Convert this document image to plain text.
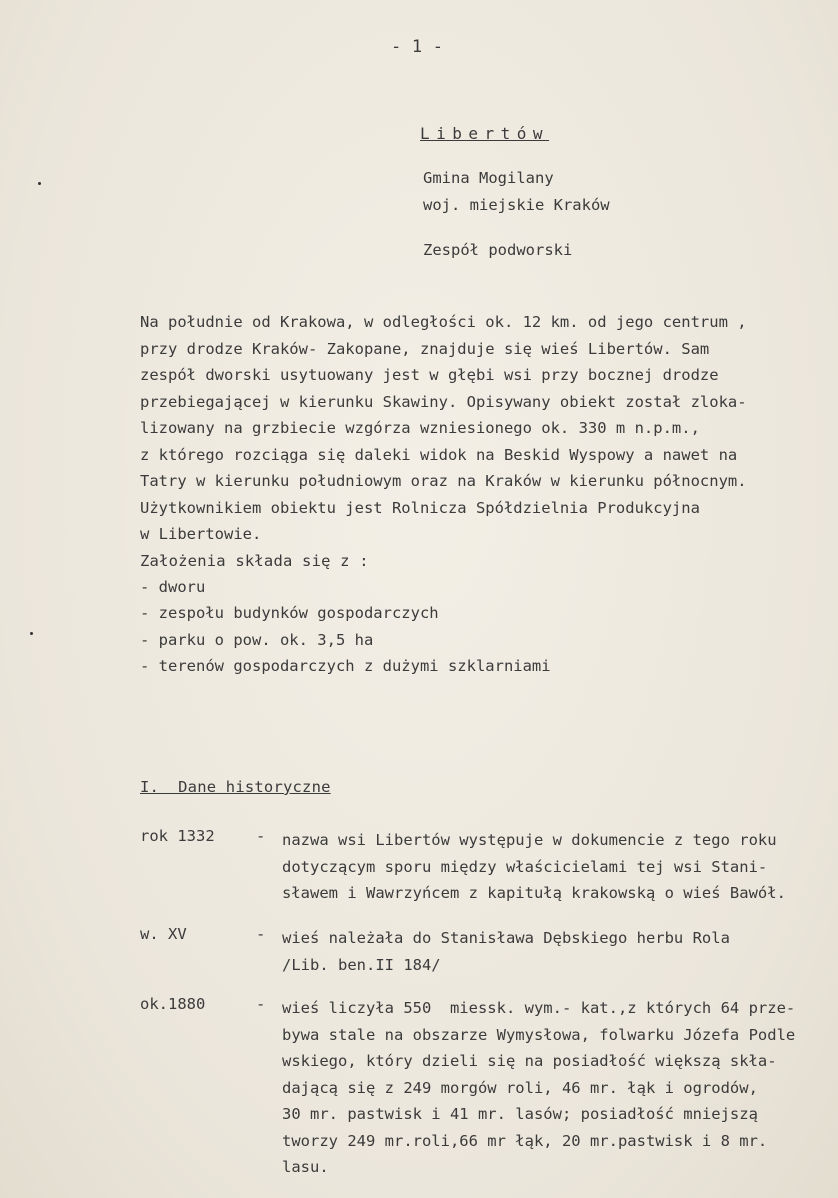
- 1 -
Libertów
Gmina Mogilany
woj. miejskie Kraków
Zespół podworski
Na południe od Krakowa, w odległości ok. 12 km. od jego centrum ,
przy drodze Kraków- Zakopane, znajduje się wieś Libertów. Sam
zespół dworski usytuowany jest w głębi wsi przy bocznej drodze
przebiegającej w kierunku Skawiny. Opisywany obiekt został zloka-
lizowany na grzbiecie wzgórza wzniesionego ok. 330 m n.p.m.,
z którego rozciąga się daleki widok na Beskid Wyspowy a nawet na
Tatry w kierunku południowym oraz na Kraków w kierunku północnym.
Użytkownikiem obiektu jest Rolnicza Spółdzielnia Produkcyjna
w Libertowie.
Założenia składa się z :
- dworu
- zespołu budynków gospodarczych
- parku o pow. ok. 3,5 ha
- terenów gospodarczych z dużymi szklarniami
I.  Dane historyczne
rok 1332	- nazwa wsi Libertów występuje w dokumencie z tego roku
dotyczącym sporu między właścicielami tej wsi Stani-
sławem i Wawrzyńcem z kapitułą krakowską o wieś Bawół.
w. XV	- wieś należała do Stanisława Dębskiego herbu Rola
/Lib. ben.II 184/
ok.1880	- wieś liczyła 550  miessk. wym.- kat.,z których 64 prze-
bywa stale na obszarze Wymysłowa, folwarku Józefa Podle
wskiego, który dzieli się na posiadłość większą skła-
dającą się z 249 morgów roli, 46 mr. łąk i ogrodów,
30 mr. pastwisk i 41 mr. lasów; posiadłość mniejszą
tworzy 249 mr.roli,66 mr łąk, 20 mr.pastwisk i 8 mr.
lasu.
